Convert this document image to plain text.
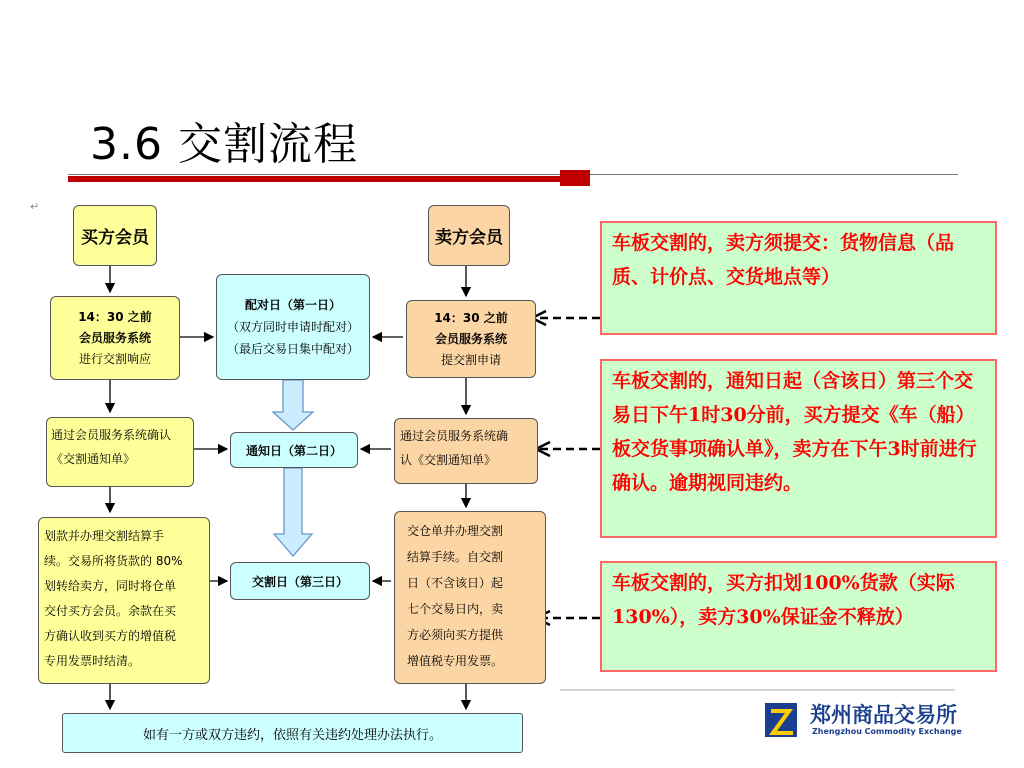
3.6 交割流程
↵
买方会员
14：30 之前
会员服务系统
进行交割响应
通过会员服务系统确认
《交割通知单》
划款并办理交割结算手
续。交易所将货款的 80%
划转给卖方，同时将仓单
交付买方会员。余款在买
方确认收到买方的增值税
专用发票时结清。
配对日（第一日）
（双方同时申请时配对）
（最后交易日集中配对）
通知日（第二日）
交割日（第三日）
卖方会员
14：30 之前
会员服务系统
提交割申请
通过会员服务系统确
认《交割通知单》
交仓单并办理交割
结算手续。自交割
日（不含该日）起
七个交易日内，卖
方必须向买方提供
增值税专用发票。
如有一方或双方违约，依照有关违约处理办法执行。
车板交割的，卖方须提交：货物信息（品质、计价点、交货地点等）
车板交割的，通知日起（含该日）第三个交易日下午1时30分前，买方提交《车（船）板交货事项确认单》，卖方在下午3时前进行确认。逾期视同违约。
车板交割的，买方扣划100%货款（实际130%），卖方30%保证金不释放）
郑州商品交易所
Zhengzhou Commodity Exchange
